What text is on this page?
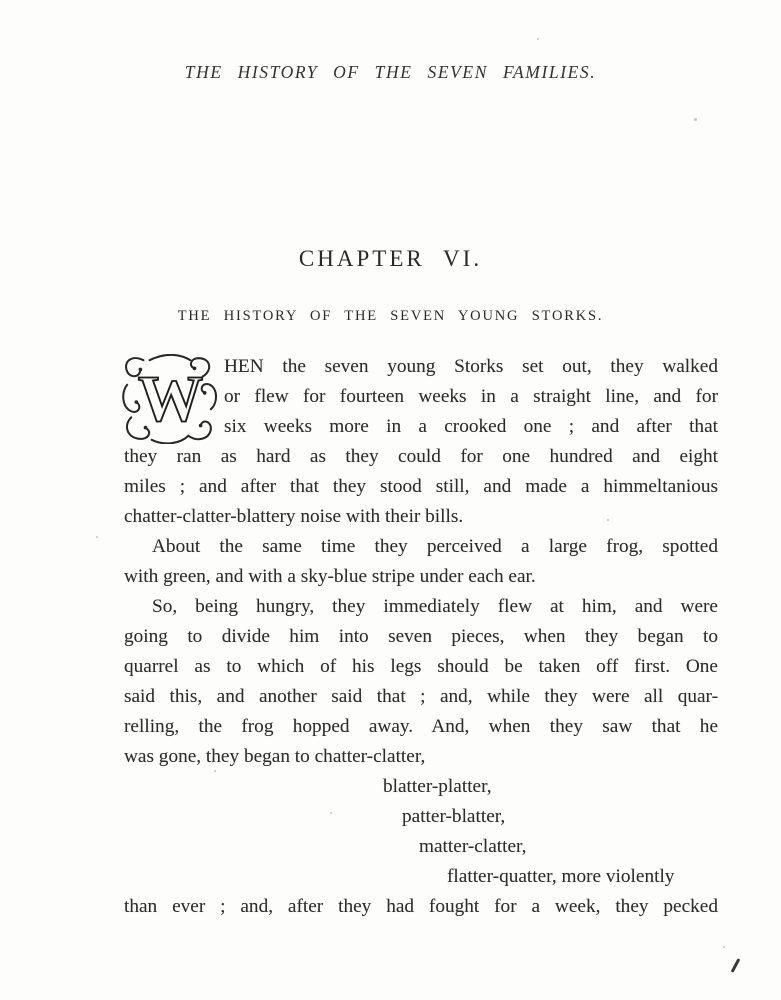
THE HISTORY OF THE SEVEN FAMILIES.
CHAPTER VI.
THE HISTORY OF THE SEVEN YOUNG STORKS.
W HEN the seven young Storks set out, they walked
or flew for fourteen weeks in a straight line, and for
six weeks more in a crooked one ; and after that
they ran as hard as they could for one hundred and eight
miles ; and after that they stood still, and made a himmeltanious
chatter-clatter-blattery noise with their bills.
About the same time they perceived a large frog, spotted
with green, and with a sky-blue stripe under each ear.
So, being hungry, they immediately flew at him, and were
going to divide him into seven pieces, when they began to
quarrel as to which of his legs should be taken off first. One
said this, and another said that ; and, while they were all quar-
relling, the frog hopped away. And, when they saw that he
was gone, they began to chatter-clatter,
blatter-platter,
patter-blatter,
matter-clatter,
flatter-quatter, more violently
than ever ; and, after they had fought for a week, they pecked
